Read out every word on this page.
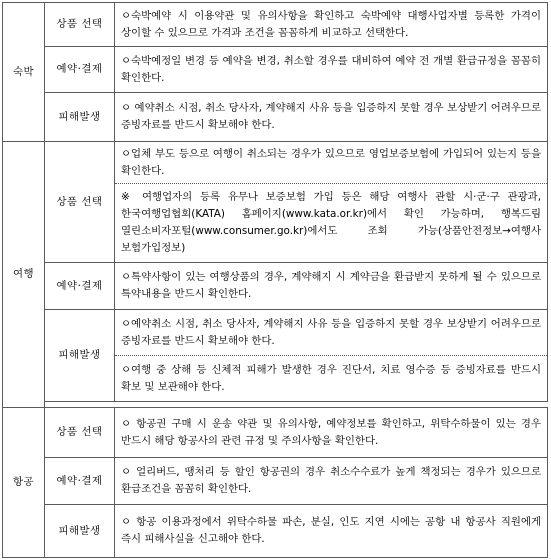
숙박	상품 선택	ㅇ숙박예약 시 이용약관 및 유의사항을 확인하고 숙박예약 대행사업자별 등록한 가격이 상이할 수 있으므로 가격과 조건을 꼼꼼하게 비교하고 선택한다.

	예약·결제	ㅇ숙박예정일 변경 등 예약을 변경, 취소할 경우를 대비하여 예약 전 개별 환급규정을 꼼꼼히 확인한다.

	피해발생	ㅇ 예약취소 시점, 취소 당사자, 계약해지 사유 등을 입증하지 못할 경우 보상받기 어려우므로 증빙자료를 반드시 확보해야 한다.

여행	상품 선택	ㅇ업체 부도 등으로 여행이 취소되는 경우가 있으므로 영업보증보험에 가입되어 있는지 등을 확인한다.

		※ 여행업자의 등록 유무나 보증보험 가입 등은 해당 여행사 관할 시·군·구 관광과, 한국여행업협회(KATA) 홈페이지(www.kata.or.kr)에서 확인 가능하며, 행복드림 열린소비자포털(www.consumer.go.kr)에서도 조회 가능(상품안전정보→여행사 보험가입정보)

	예약·결제	ㅇ특약사항이 있는 여행상품의 경우, 계약해지 시 계약금을 환급받지 못하게 될 수 있으므로 특약내용을 반드시 확인한다.

	피해발생	ㅇ예약취소 시점, 취소 당사자, 계약해지 사유 등을 입증하지 못할 경우 보상받기 어려우므로 증빙자료를 반드시 확보해야 한다.

		ㅇ여행 중 상해 등 신체적 피해가 발생한 경우 진단서, 치료 영수증 등 증빙자료를 반드시 확보 및 보관해야 한다.

항공	상품 선택	ㅇ 항공권 구매 시 운송 약관 및 유의사항, 예약정보를 확인하고, 위탁수하물이 있는 경우 반드시 해당 항공사의 관련 규정 및 주의사항을 확인한다.

	예약·결제	ㅇ 얼리버드, 땡처리 등 할인 항공권의 경우 취소수수료가 높게 책정되는 경우가 있으므로 환급조건을 꼼꼼히 확인한다.

	피해발생	ㅇ 항공 이용과정에서 위탁수하물 파손, 분실, 인도 지연 시에는 공항 내 항공사 직원에게 즉시 피해사실을 신고해야 한다.
